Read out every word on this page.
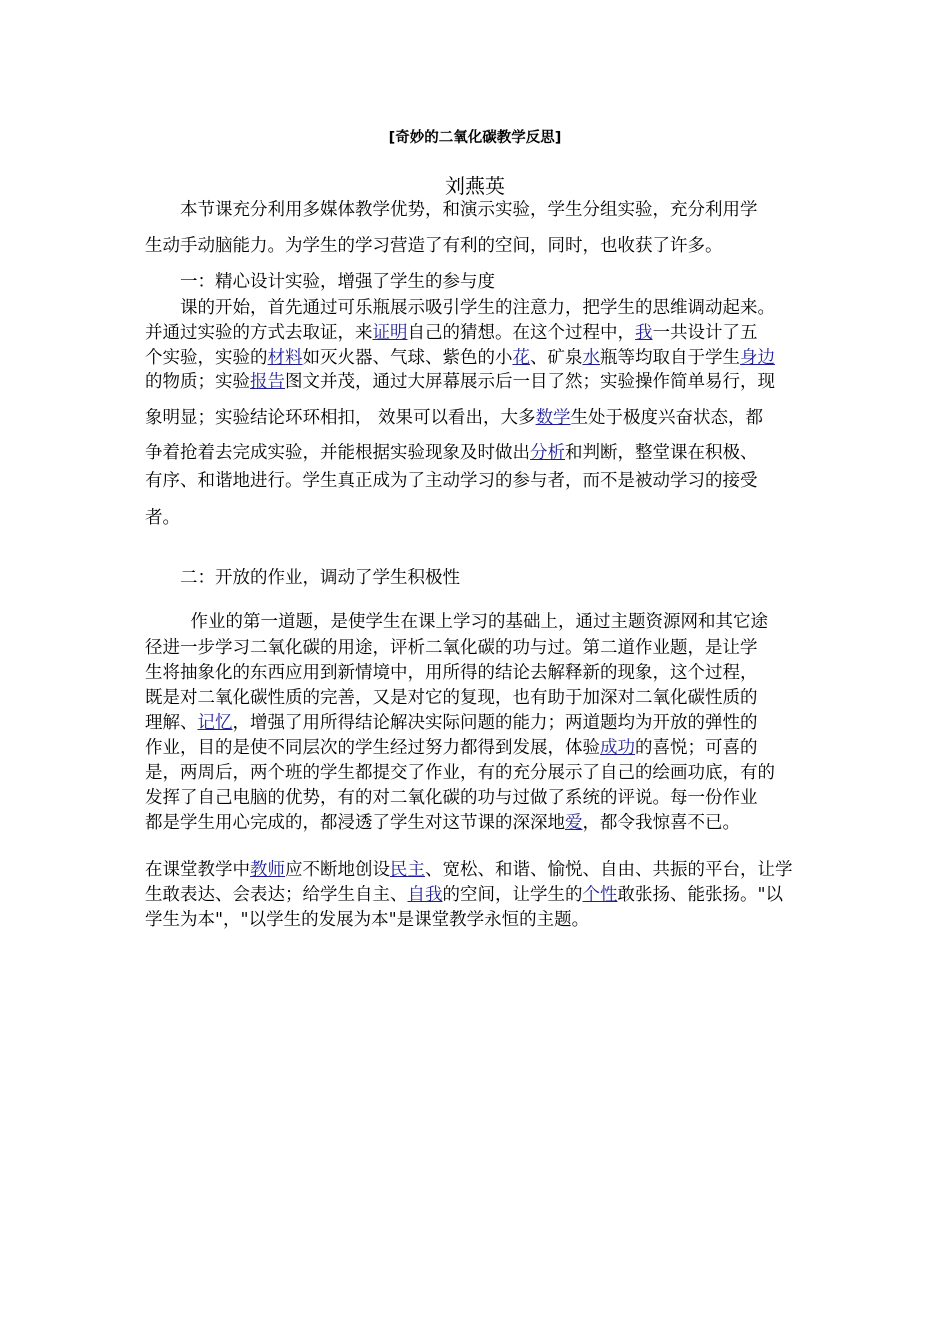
[奇妙的二氧化碳教学反思]
刘燕英
　　本节课充分利用多媒体教学优势，和演示实验，学生分组实验，充分利用学
生动手动脑能力。为学生的学习营造了有利的空间，同时，也收获了许多。
　　一：精心设计实验，增强了学生的参与度
　　课的开始，首先通过可乐瓶展示吸引学生的注意力，把学生的思维调动起来。
并通过实验的方式去取证，来证明自己的猜想。在这个过程中，我一共设计了五
个实验，实验的材料如灭火器、气球、紫色的小花、矿泉水瓶等均取自于学生身边
的物质；实验报告图文并茂，通过大屏幕展示后一目了然；实验操作简单易行，现
象明显；实验结论环环相扣， 效果可以看出，大多数学生处于极度兴奋状态，都
争着抢着去完成实验，并能根据实验现象及时做出分析和判断，整堂课在积极、
有序、和谐地进行。学生真正成为了主动学习的参与者，而不是被动学习的接受
者。
　　二：开放的作业，调动了学生积极性
　作业的第一道题，是使学生在课上学习的基础上，通过主题资源网和其它途
径进一步学习二氧化碳的用途，评析二氧化碳的功与过。第二道作业题，是让学
生将抽象化的东西应用到新情境中，用所得的结论去解释新的现象，这个过程，
既是对二氧化碳性质的完善，又是对它的复现，也有助于加深对二氧化碳性质的
理解、记忆，增强了用所得结论解决实际问题的能力；两道题均为开放的弹性的
作业，目的是使不同层次的学生经过努力都得到发展，体验成功的喜悦；可喜的
是，两周后，两个班的学生都提交了作业，有的充分展示了自己的绘画功底，有的
发挥了自己电脑的优势，有的对二氧化碳的功与过做了系统的评说。每一份作业
都是学生用心完成的，都浸透了学生对这节课的深深地爱，都令我惊喜不已。
在课堂教学中教师应不断地创设民主、宽松、和谐、愉悦、自由、共振的平台，让学
生敢表达、会表达；给学生自主、自我的空间，让学生的个性敢张扬、能张扬。"以
学生为本"，"以学生的发展为本"是课堂教学永恒的主题。
